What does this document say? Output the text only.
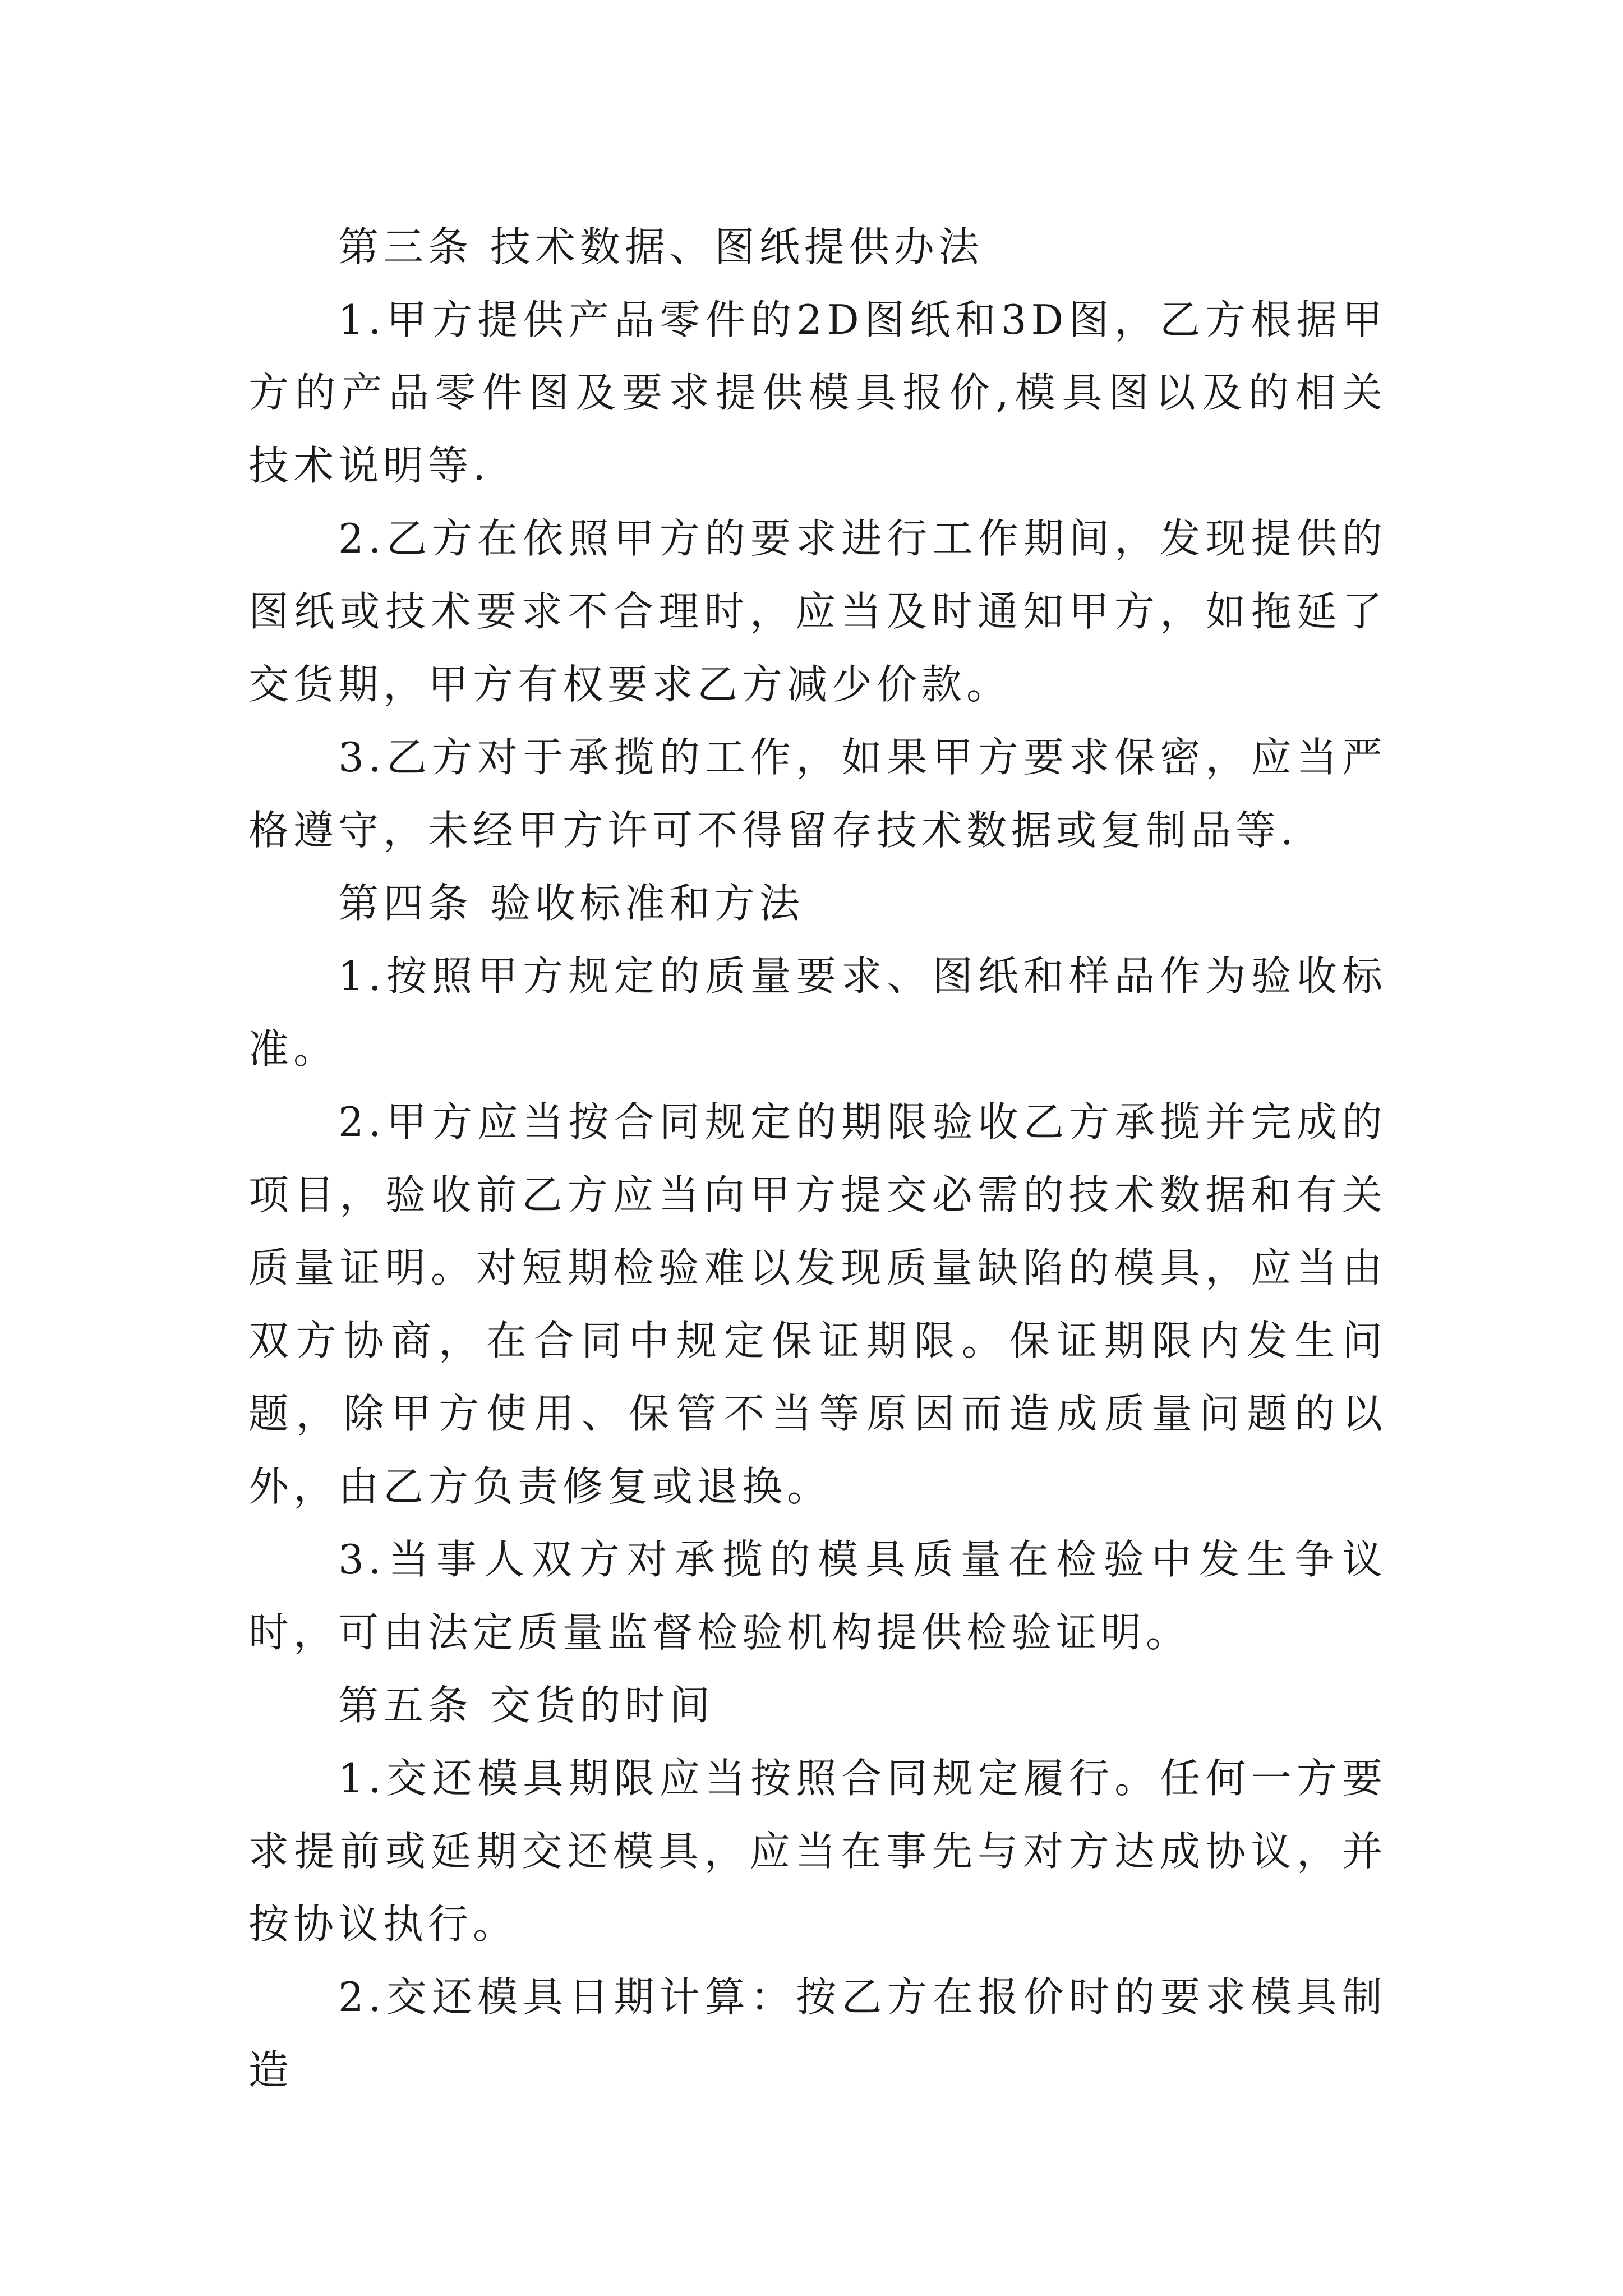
第三条 技术数据、图纸提供办法

1.甲方提供产品零件的2D图纸和3D图，乙方根据甲方的产品零件图及要求提供模具报价,模具图以及的相关技术说明等.

2.乙方在依照甲方的要求进行工作期间，发现提供的图纸或技术要求不合理时，应当及时通知甲方，如拖延了交货期，甲方有权要求乙方减少价款。

3.乙方对于承揽的工作，如果甲方要求保密，应当严格遵守，未经甲方许可不得留存技术数据或复制品等.

第四条 验收标准和方法

1.按照甲方规定的质量要求、图纸和样品作为验收标准。

2.甲方应当按合同规定的期限验收乙方承揽并完成的项目，验收前乙方应当向甲方提交必需的技术数据和有关质量证明。对短期检验难以发现质量缺陷的模具，应当由双方协商，在合同中规定保证期限。保证期限内发生问题，除甲方使用、保管不当等原因而造成质量问题的以外，由乙方负责修复或退换。

3.当事人双方对承揽的模具质量在检验中发生争议时，可由法定质量监督检验机构提供检验证明。

第五条 交货的时间

1.交还模具期限应当按照合同规定履行。任何一方要求提前或延期交还模具，应当在事先与对方达成协议，并按协议执行。

2.交还模具日期计算：按乙方在报价时的要求模具制造
